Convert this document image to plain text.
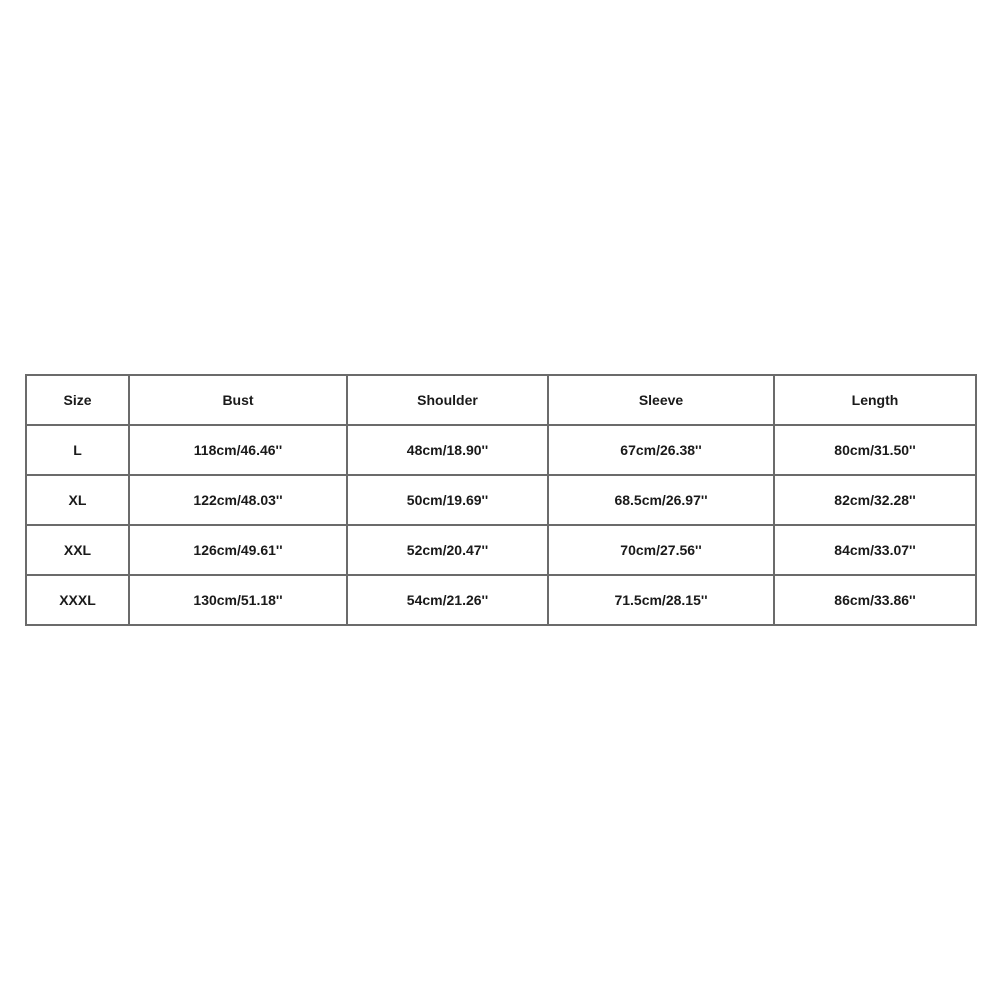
Size	Bust	Shoulder	Sleeve	Length
L	118cm/46.46''	48cm/18.90''	67cm/26.38''	80cm/31.50''
XL	122cm/48.03''	50cm/19.69''	68.5cm/26.97''	82cm/32.28''
XXL	126cm/49.61''	52cm/20.47''	70cm/27.56''	84cm/33.07''
XXXL	130cm/51.18''	54cm/21.26''	71.5cm/28.15''	86cm/33.86''
